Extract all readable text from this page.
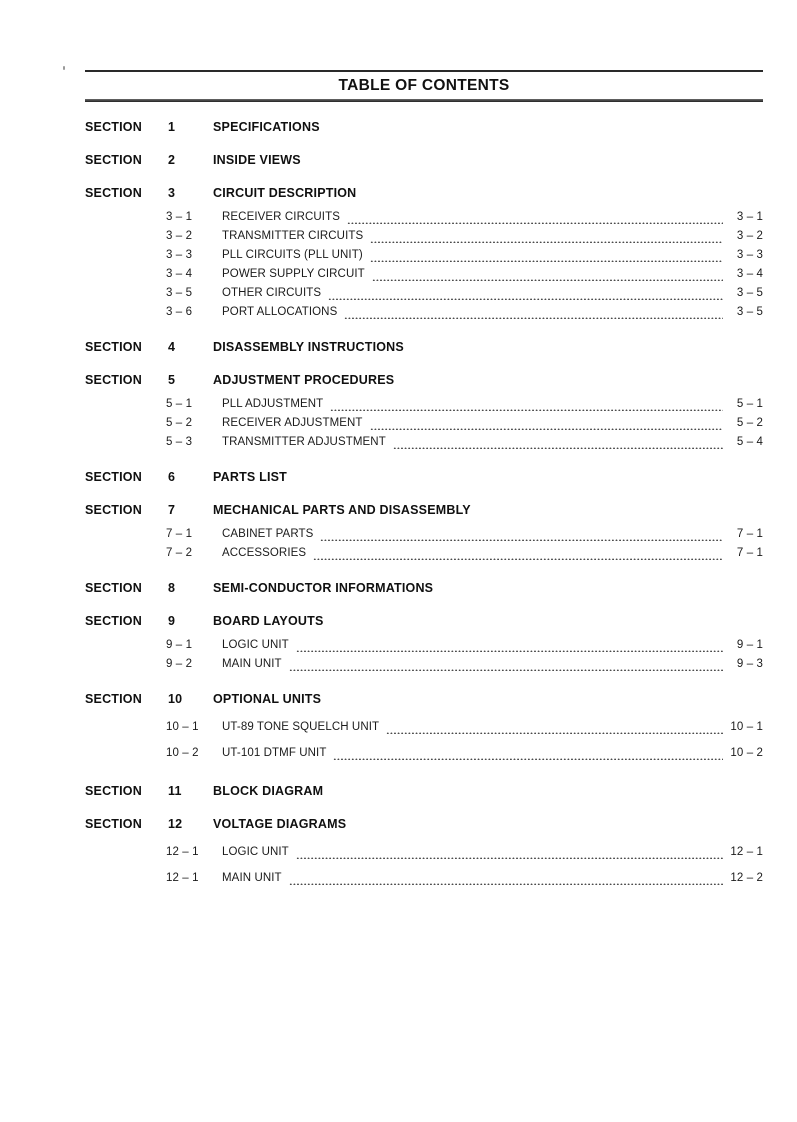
TABLE OF CONTENTS
SECTION	1	SPECIFICATIONS
SECTION	2	INSIDE VIEWS
SECTION	3	CIRCUIT DESCRIPTION
3 – 1	RECEIVER CIRCUITS	3 – 1
3 – 2	TRANSMITTER CIRCUITS	3 – 2
3 – 3	PLL CIRCUITS (PLL UNIT)	3 – 3
3 – 4	POWER SUPPLY CIRCUIT	3 – 4
3 – 5	OTHER CIRCUITS	3 – 5
3 – 6	PORT ALLOCATIONS	3 – 5
SECTION	4	DISASSEMBLY INSTRUCTIONS
SECTION	5	ADJUSTMENT PROCEDURES
5 – 1	PLL ADJUSTMENT	5 – 1
5 – 2	RECEIVER ADJUSTMENT	5 – 2
5 – 3	TRANSMITTER ADJUSTMENT	5 – 4
SECTION	6	PARTS LIST
SECTION	7	MECHANICAL PARTS AND DISASSEMBLY
7 – 1	CABINET PARTS	7 – 1
7 – 2	ACCESSORIES	7 – 1
SECTION	8	SEMI-CONDUCTOR INFORMATIONS
SECTION	9	BOARD LAYOUTS
9 – 1	LOGIC UNIT	9 – 1
9 – 2	MAIN UNIT	9 – 3
SECTION	10	OPTIONAL UNITS
10 – 1	UT-89 TONE SQUELCH UNIT	10 – 1
10 – 2	UT-101 DTMF UNIT	10 – 2
SECTION	11	BLOCK DIAGRAM
SECTION	12	VOLTAGE DIAGRAMS
12 – 1	LOGIC UNIT	12 – 1
12 – 1	MAIN UNIT	12 – 2
